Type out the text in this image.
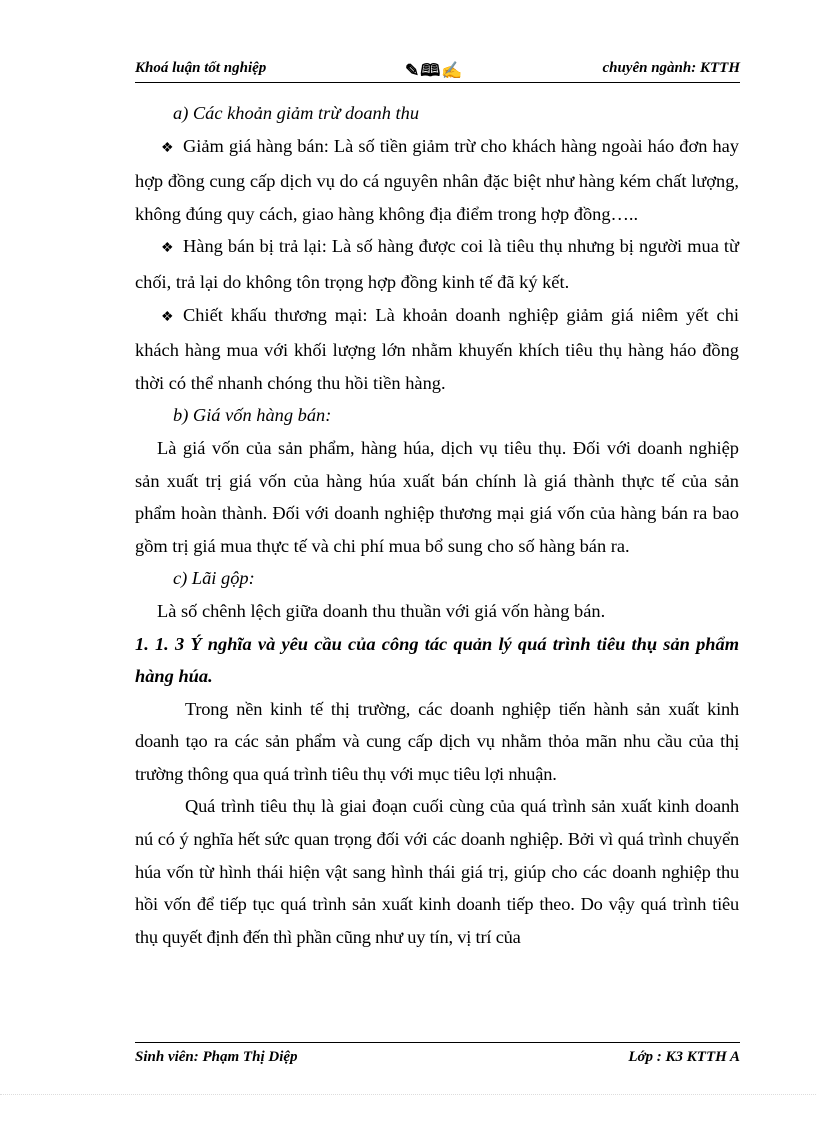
Khoá luận tốt nghiệp	✎🕮✍	chuyên ngành: KTTH

a) Các khoản giảm trừ doanh thu

❖ Giảm giá hàng bán: Là số tiền giảm trừ cho khách hàng ngoài háo đơn hay hợp đồng cung cấp dịch vụ do cá nguyên nhân đặc biệt như hàng kém chất lượng, không đúng quy cách, giao hàng không địa điểm trong hợp đồng…..

❖ Hàng bán bị trả lại: Là số hàng được coi là tiêu thụ nhưng bị người mua từ chối, trả lại do không tôn trọng hợp đồng kinh tế đã ký kết.

❖ Chiết khấu thương mại: Là khoản doanh nghiệp giảm giá niêm yết chi khách hàng mua với khối lượng lớn nhằm khuyến khích tiêu thụ hàng háo đồng thời có thể nhanh chóng thu hồi tiền hàng.

b) Giá vốn hàng bán:

Là giá vốn của sản phẩm, hàng húa, dịch vụ tiêu thụ. Đối với doanh nghiệp sản xuất trị giá vốn của hàng húa xuất bán chính là giá thành thực tế của sản phẩm hoàn thành. Đối với doanh nghiệp thương mại giá vốn của hàng bán ra bao gồm trị giá mua thực tế và chi phí mua bổ sung cho số hàng bán ra.

c) Lãi gộp:

Là số chênh lệch giữa doanh thu thuần với giá vốn hàng bán.

1. 1. 3 Ý nghĩa và yêu cầu của công tác quản lý quá trình tiêu thụ sản phẩm hàng húa.

Trong nền kinh tế thị trường, các doanh nghiệp tiến hành sản xuất kinh doanh tạo ra các sản phẩm và cung cấp dịch vụ nhằm thỏa mãn nhu cầu của thị trường thông qua quá trình tiêu thụ với mục tiêu lợi nhuận.

Quá trình tiêu thụ là giai đoạn cuối cùng của quá trình sản xuất kinh doanh nú có ý nghĩa hết sức quan trọng đối với các doanh nghiệp. Bởi vì quá trình chuyển húa vốn từ hình thái hiện vật sang hình thái giá trị, giúp cho các doanh nghiệp thu hồi vốn để tiếp tục quá trình sản xuất kinh doanh tiếp theo. Do vậy quá trình tiêu thụ quyết định đến thì phần cũng như uy tín, vị trí của

Sinh viên: Phạm Thị Diệp	Lớp : K3 KTTH A
